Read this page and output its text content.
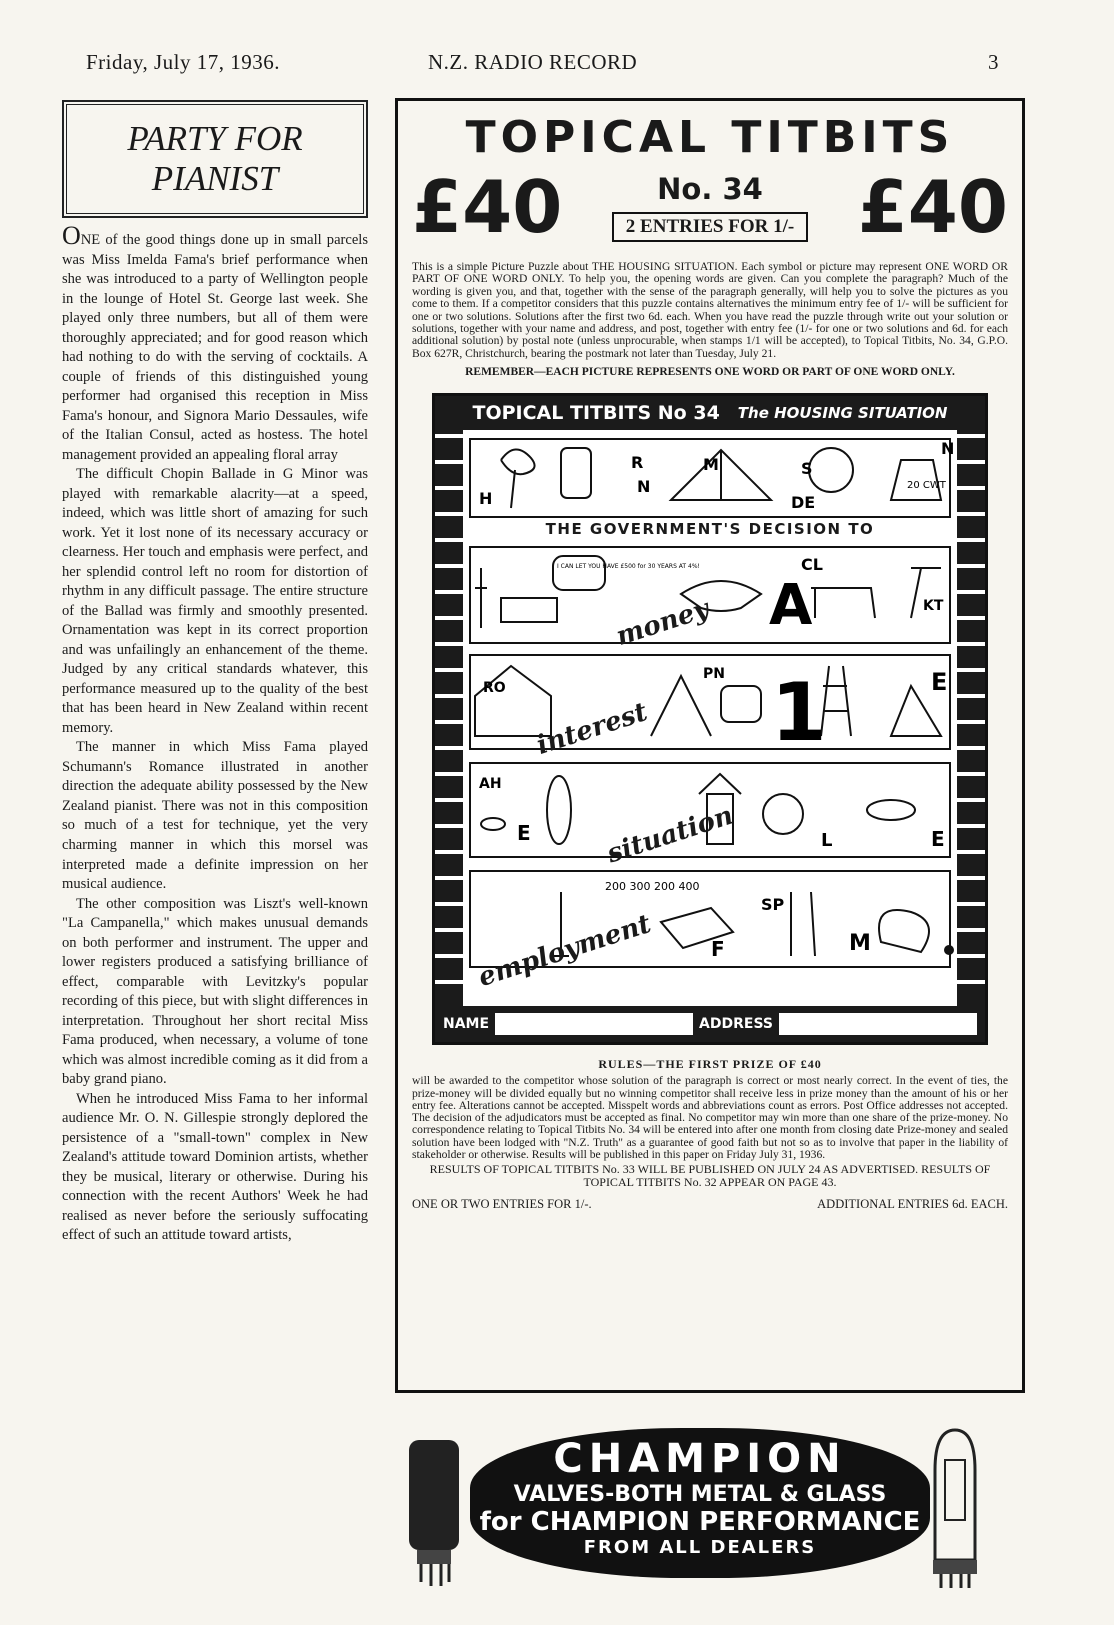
Friday, July 17, 1936.	N.Z. RADIO RECORD	3
PARTY FOR
PIANIST

ONE of the good things done up in small parcels was Miss Imelda Fama's brief performance when she was introduced to a party of Wellington people in the lounge of Hotel St. George last week. She played only three numbers, but all of them were thoroughly appreciated; and for good reason which had nothing to do with the serving of cocktails. A couple of friends of this distinguished young performer had organised this reception in Miss Fama's honour, and Signora Mario Dessaules, wife of the Italian Consul, acted as hostess. The hotel management provided an appealing floral array

The difficult Chopin Ballade in G Minor was played with remarkable alacrity—at a speed, indeed, which was little short of amazing for such work. Yet it lost none of its necessary accuracy or clearness. Her touch and emphasis were perfect, and her splendid control left no room for distortion of rhythm in any difficult passage. The entire structure of the Ballad was firmly and smoothly presented. Ornamentation was kept in its correct proportion and was unfailingly an enhancement of the theme. Judged by any critical standards whatever, this performance measured up to the quality of the best that has been heard in New Zealand within recent memory.

The manner in which Miss Fama played Schumann's Romance illustrated in another direction the adequate ability possessed by the New Zealand pianist. There was not in this composition so much of a test for technique, yet the very charming manner in which this morsel was interpreted made a definite impression on her musical audience.

The other composition was Liszt's well-known "La Campanella," which makes unusual demands on both performer and instrument. The upper and lower registers produced a satisfying brilliance of effect, comparable with Levitzky's popular recording of this piece, but with slight differences in interpretation. Throughout her short recital Miss Fama produced, when necessary, a volume of tone which was almost incredible coming as it did from a baby grand piano.

When he introduced Miss Fama to her informal audience Mr. O. N. Gillespie strongly deplored the persistence of a "small-town" complex in New Zealand's attitude toward Dominion artists, whether they be musical, literary or otherwise. During his connection with the recent Authors' Week he had realised as never before the seriously suffocating effect of such an attitude toward artists,

TOPICAL TITBITS
£40	No. 34
2 ENTRIES FOR 1/- £40
This is a simple Picture Puzzle about THE HOUSING SITUATION. Each symbol or picture may represent ONE WORD OR PART OF ONE WORD ONLY. To help you, the opening words are given. Can you complete the paragraph? Much of the wording is given you, and that, together with the sense of the paragraph generally, will help you to solve the pictures as you come to them. If a competitor considers that this puzzle contains alternatives the minimum entry fee of 1/- will be sufficient for one or two solutions. Solutions after the first two 6d. each. When you have read the puzzle through write out your solution or solutions, together with your name and address, and post, together with entry fee (1/- for one or two solutions and 6d. for each additional solution) by postal note (unless unprocurable, when stamps 1/1 will be accepted), to Topical Titbits, No. 34, G.P.O. Box 627R, Christchurch, bearing the postmark not later than Tuesday, July 21.
REMEMBER—EACH PICTURE REPRESENTS ONE WORD OR PART OF ONE WORD ONLY.
TOPICAL TITBITS No 34 The HOUSING SITUATION
20 CWT
H
R
N
M	S
DE
N
THE GOVERNMENT'S DECISION TO
I CAN LET YOU HAVE £500 for 30 YEARS AT 4%!
A
CL
KT
money
RO	1
PN	E
interest
AH
E	L	E
situation
200 300 200 400
F
SP
M
employment
NAME	ADDRESS
RULES—THE FIRST PRIZE OF £40
will be awarded to the competitor whose solution of the paragraph is correct or most nearly correct. In the event of ties, the prize-money will be divided equally but no winning competitor shall receive less in prize money than the amount of his or her entry fee. Alterations cannot be accepted. Misspelt words and abbreviations count as errors. Post Office addresses not accepted. The decision of the adjudicators must be accepted as final. No competitor may win more than one share of the prize-money. No correspondence relating to Topical Titbits No. 34 will be entered into after one month from closing date Prize-money and sealed solution have been lodged with "N.Z. Truth" as a guarantee of good faith but not so as to involve that paper in the liability of stakeholder or otherwise. Results will be published in this paper on Friday July 31, 1936.
RESULTS OF TOPICAL TITBITS No. 33 WILL BE PUBLISHED ON JULY 24 AS ADVERTISED. RESULTS OF TOPICAL TITBITS No. 32 APPEAR ON PAGE 43.
ONE OR TWO ENTRIES FOR 1/-.	ADDITIONAL ENTRIES 6d. EACH.
CHAMPION
VALVES-BOTH METAL & GLASS
for CHAMPION PERFORMANCE
FROM ALL DEALERS
